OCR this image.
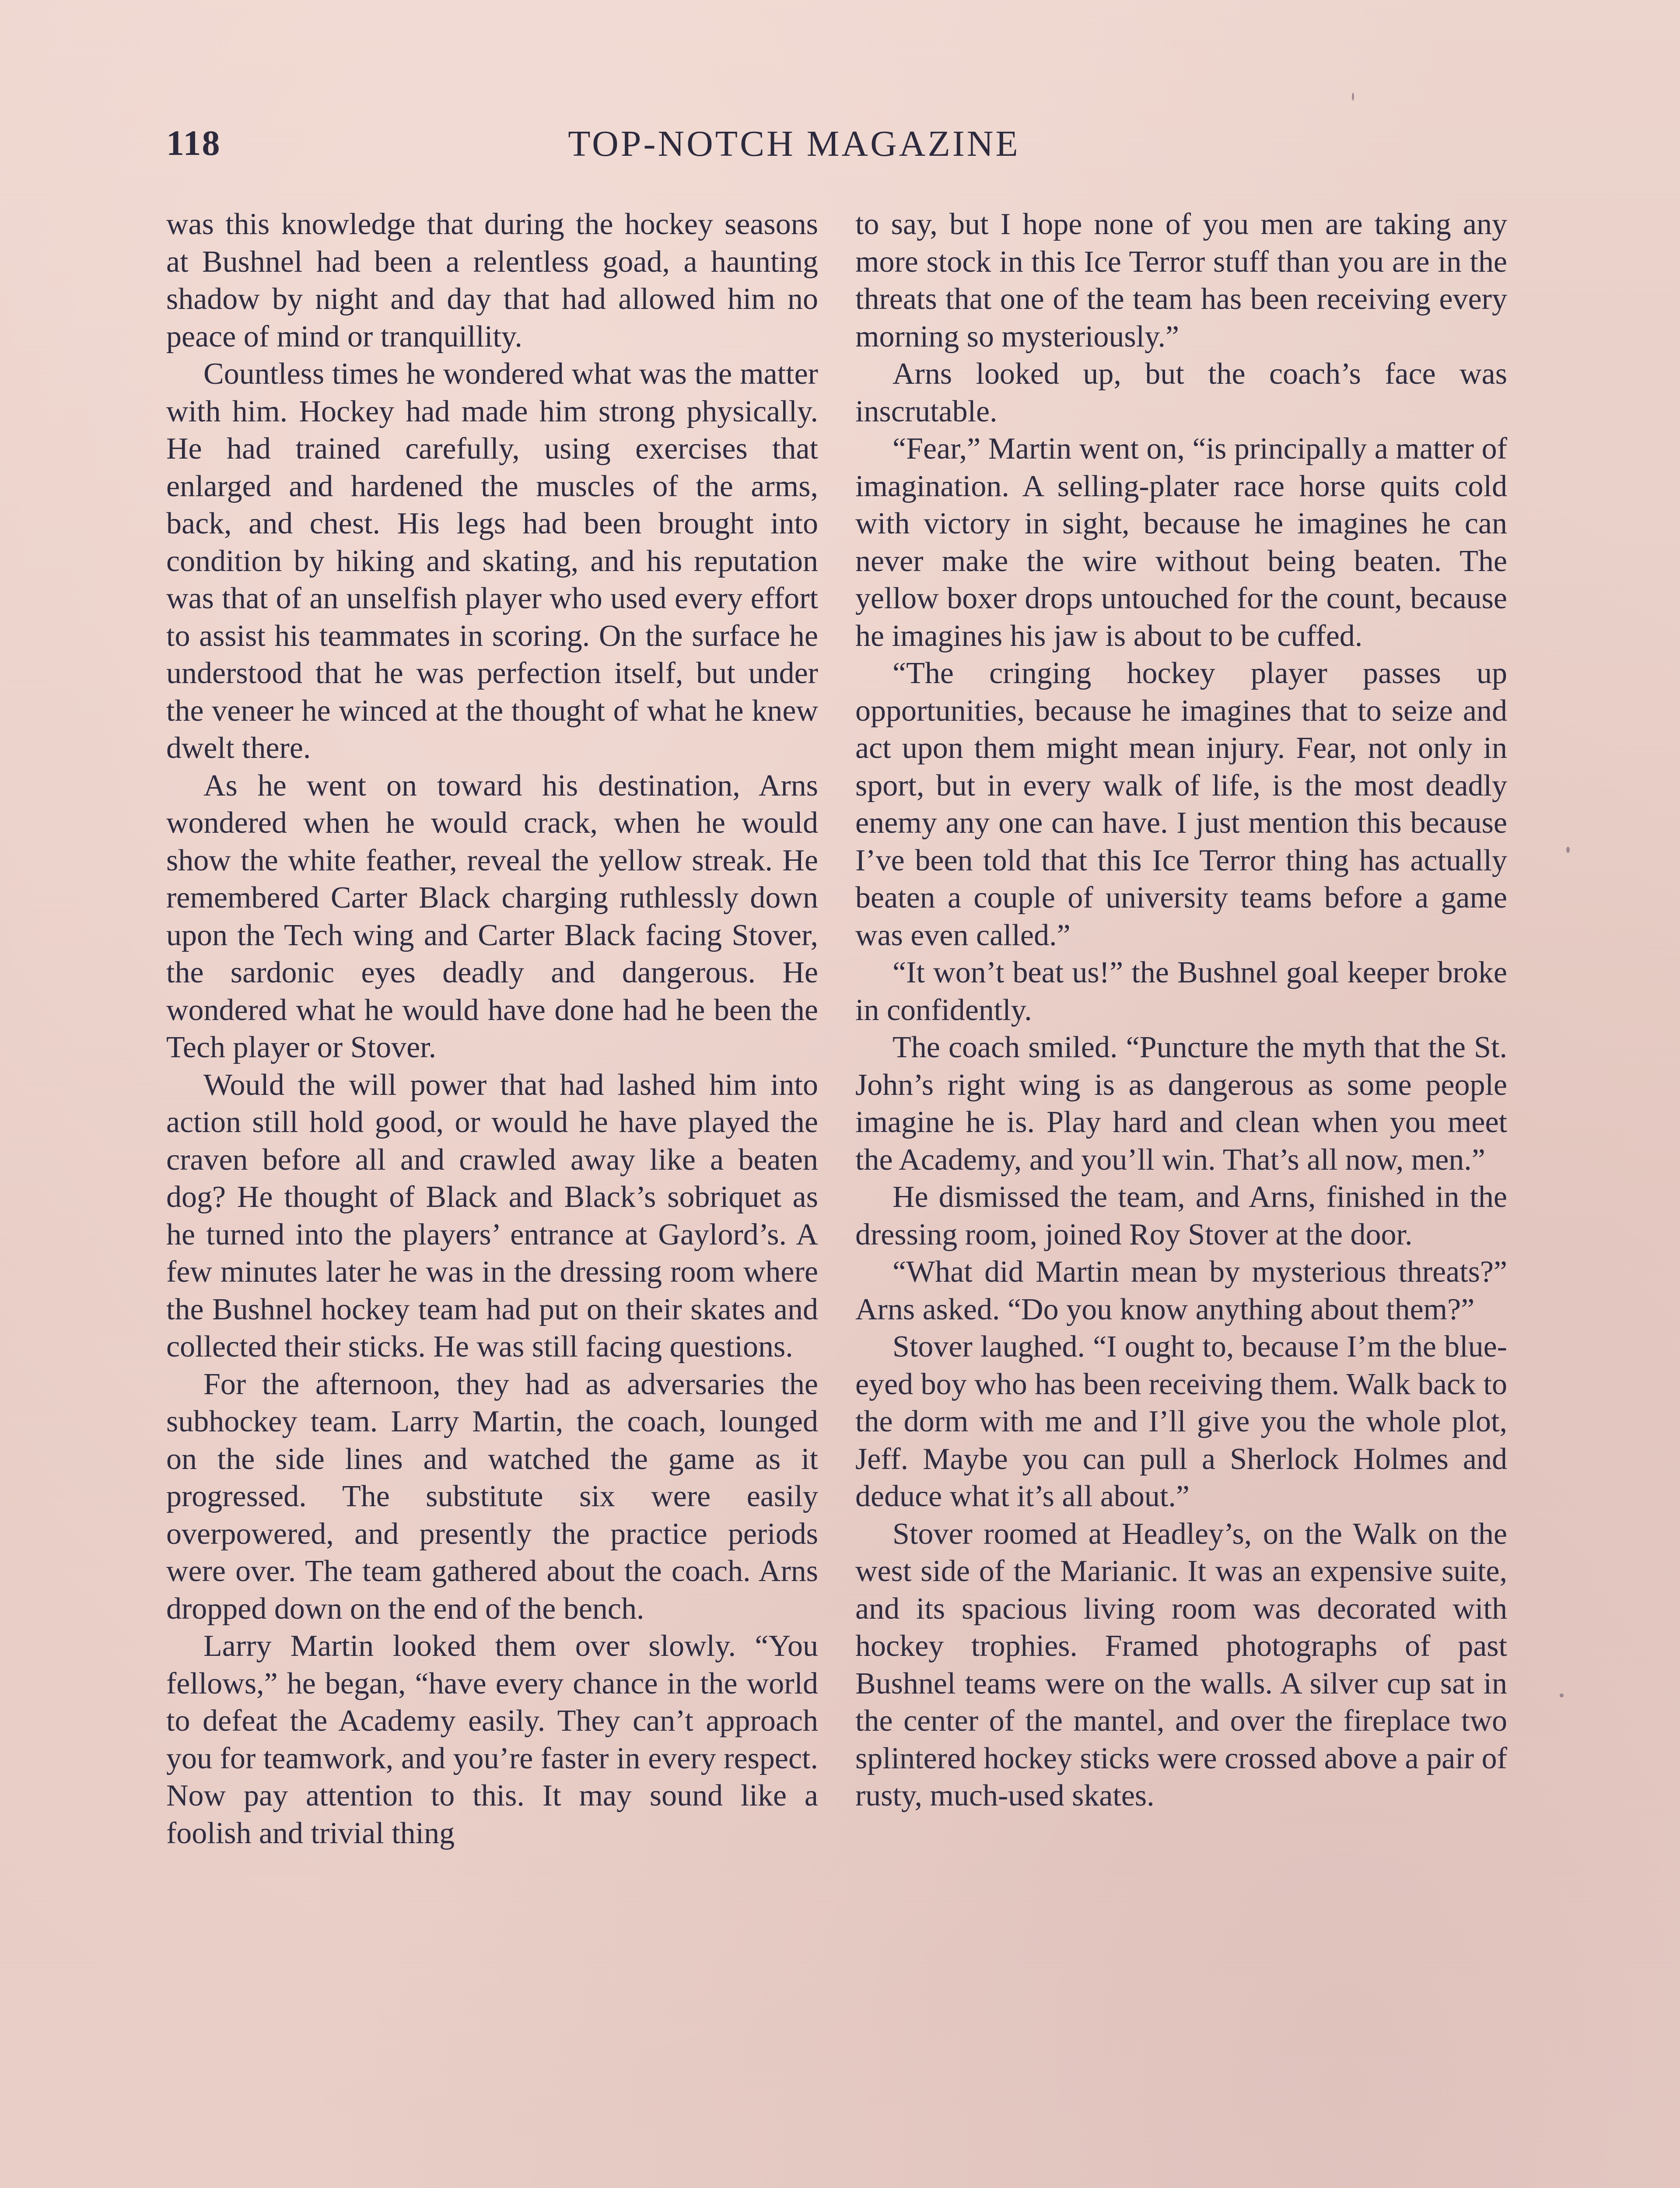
118	TOP-NOTCH MAGAZINE

was this knowledge that during the hockey seasons at Bushnel had been a relentless goad, a haunting shadow by night and day that had allowed him no peace of mind or tranquillity.

Countless times he wondered what was the matter with him. Hockey had made him strong physically. He had trained carefully, using exercises that enlarged and hardened the muscles of the arms, back, and chest. His legs had been brought into condition by hiking and skating, and his reputation was that of an unselfish player who used every effort to assist his teammates in scoring. On the surface he understood that he was perfection itself, but under the veneer he winced at the thought of what he knew dwelt there.

As he went on toward his destination, Arns wondered when he would crack, when he would show the white feather, reveal the yellow streak. He remembered Carter Black charging ruthlessly down upon the Tech wing and Carter Black facing Stover, the sardonic eyes deadly and dangerous. He wondered what he would have done had he been the Tech player or Stover.

Would the will power that had lashed him into action still hold good, or would he have played the craven before all and crawled away like a beaten dog? He thought of Black and Black’s sobriquet as he turned into the players’ entrance at Gaylord’s. A few minutes later he was in the dressing room where the Bushnel hockey team had put on their skates and collected their sticks. He was still facing questions.

For the afternoon, they had as adversaries the subhockey team. Larry Martin, the coach, lounged on the side lines and watched the game as it progressed. The substitute six were easily overpowered, and presently the practice periods were over. The team gathered about the coach. Arns dropped down on the end of the bench.

Larry Martin looked them over slowly. “You fellows,” he began, “have every chance in the world to defeat the Academy easily. They can’t approach you for teamwork, and you’re faster in every respect. Now pay attention to this. It may sound like a foolish and trivial thing

to say, but I hope none of you men are taking any more stock in this Ice Terror stuff than you are in the threats that one of the team has been receiving every morning so mysteriously.”

Arns looked up, but the coach’s face was inscrutable.

“Fear,” Martin went on, “is principally a matter of imagination. A selling-plater race horse quits cold with victory in sight, because he imagines he can never make the wire without being beaten. The yellow boxer drops untouched for the count, because he imagines his jaw is about to be cuffed.

“The cringing hockey player passes up opportunities, because he imagines that to seize and act upon them might mean injury. Fear, not only in sport, but in every walk of life, is the most deadly enemy any one can have. I just mention this because I’ve been told that this Ice Terror thing has actually beaten a couple of university teams before a game was even called.”

“It won’t beat us!” the Bushnel goal keeper broke in confidently.

The coach smiled. “Puncture the myth that the St. John’s right wing is as dangerous as some people imagine he is. Play hard and clean when you meet the Academy, and you’ll win. That’s all now, men.”

He dismissed the team, and Arns, finished in the dressing room, joined Roy Stover at the door.

“What did Martin mean by mysterious threats?” Arns asked. “Do you know anything about them?”

Stover laughed. “I ought to, because I’m the blue-eyed boy who has been receiving them. Walk back to the dorm with me and I’ll give you the whole plot, Jeff. Maybe you can pull a Sherlock Holmes and deduce what it’s all about.”

Stover roomed at Headley’s, on the Walk on the west side of the Marianic. It was an expensive suite, and its spacious living room was decorated with hockey trophies. Framed photographs of past Bushnel teams were on the walls. A silver cup sat in the center of the mantel, and over the fireplace two splintered hockey sticks were crossed above a pair of rusty, much-used skates.
